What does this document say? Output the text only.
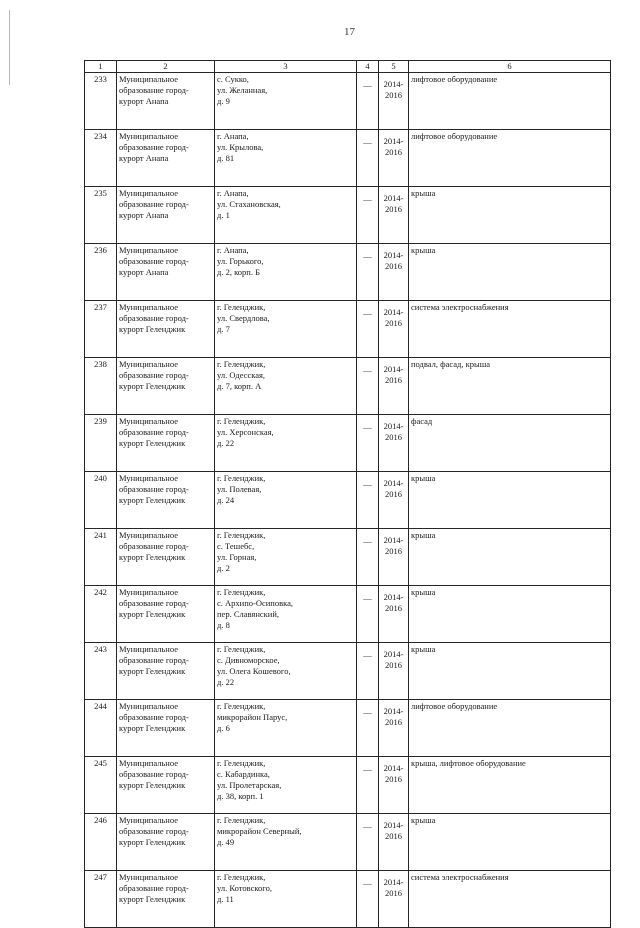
17
1	2	3	4	5	6

233	Муниципальное
образование город-
курорт Анапа	с. Сукко,
ул. Желанная,
д. 9	—	2014-
2016	лифтовое оборудование

234	Муниципальное
образование город-
курорт Анапа	г. Анапа,
ул. Крылова,
д. 81	—	2014-
2016	лифтовое оборудование

235	Муниципальное
образование город-
курорт Анапа	г. Анапа,
ул. Стахановская,
д. 1	—	2014-
2016	крыша

236	Муниципальное
образование город-
курорт Анапа	г. Анапа,
ул. Горького,
д. 2, корп. Б	—	2014-
2016	крыша

237	Муниципальное
образование город-
курорт Геленджик	г. Геленджик,
ул. Свердлова,
д. 7	—	2014-
2016	система электроснабжения

238	Муниципальное
образование город-
курорт Геленджик	г. Геленджик,
ул. Одесская,
д. 7, корп. А	—	2014-
2016	подвал, фасад, крыша

239	Муниципальное
образование город-
курорт Геленджик	г. Геленджик,
ул. Херсонская,
д. 22	—	2014-
2016	фасад

240	Муниципальное
образование город-
курорт Геленджик	г. Геленджик,
ул. Полевая,
д. 24	—	2014-
2016	крыша

241	Муниципальное
образование город-
курорт Геленджик	г. Геленджик,
с. Тешебс,
ул. Горная,
д. 2	—	2014-
2016	крыша

242	Муниципальное
образование город-
курорт Геленджик	г. Геленджик,
с. Архипо-Осиповка,
пер. Славянский,
д. 8	—	2014-
2016	крыша

243	Муниципальное
образование город-
курорт Геленджик	г. Геленджик,
с. Дивноморское,
ул. Олега Кошевого,
д. 22	—	2014-
2016	крыша

244	Муниципальное
образование город-
курорт Геленджик	г. Геленджик,
микрорайон Парус,
д. 6	—	2014-
2016	лифтовое оборудование

245	Муниципальное
образование город-
курорт Геленджик	г. Геленджик,
с. Кабардинка,
ул. Пролетарская,
д. 38, корп. 1	—	2014-
2016	крыша, лифтовое оборудование

246	Муниципальное
образование город-
курорт Геленджик	г. Геленджик,
микрорайон Северный,
д. 49	—	2014-
2016	крыша

247	Муниципальное
образование город-
курорт Геленджик	г. Геленджик,
ул. Котовского,
д. 11	—	2014-
2016	система электроснабжения
